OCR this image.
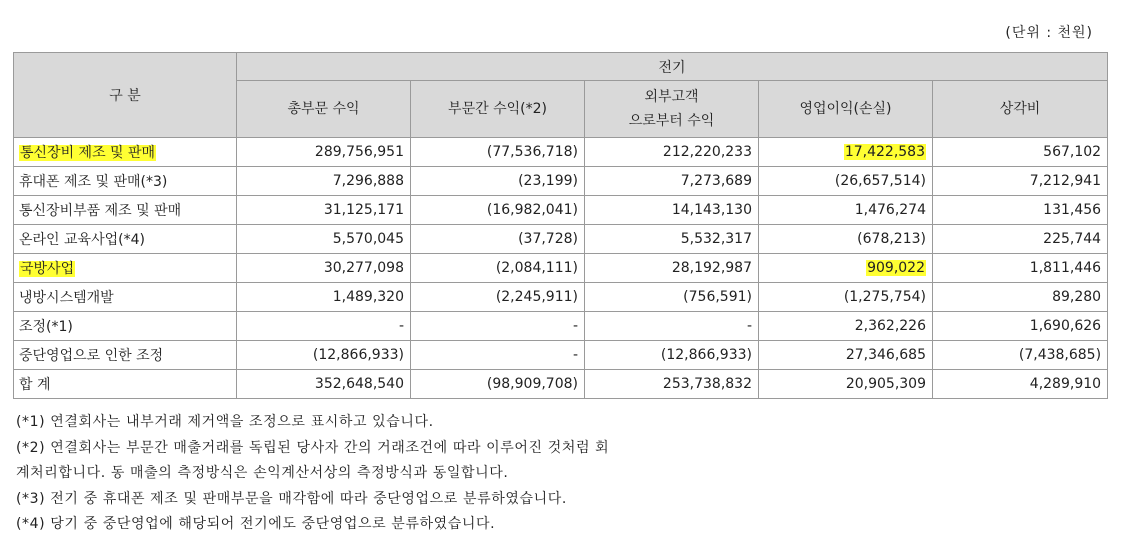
(단위 : 천원)
구 분	전기				
	총부문 수익	부문간 수익(*2)	외부고객
으로부터 수익	영업이익(손실)	상각비
통신장비 제조 및 판매	289,756,951	(77,536,718)	212,220,233	17,422,583	567,102
휴대폰 제조 및 판매(*3)	7,296,888	(23,199)	7,273,689	(26,657,514)	7,212,941
통신장비부품 제조 및 판매	31,125,171	(16,982,041)	14,143,130	1,476,274	131,456
온라인 교육사업(*4)	5,570,045	(37,728)	5,532,317	(678,213)	225,744
국방사업	30,277,098	(2,084,111)	28,192,987	909,022	1,811,446
냉방시스템개발	1,489,320	(2,245,911)	(756,591)	(1,275,754)	89,280
조정(*1)	-	-	-	2,362,226	1,690,626
중단영업으로 인한 조정	(12,866,933)	-	(12,866,933)	27,346,685	(7,438,685)
합 계	352,648,540	(98,909,708)	253,738,832	20,905,309	4,289,910

(*1) 연결회사는 내부거래 제거액을 조정으로 표시하고 있습니다.

(*2) 연결회사는 부문간 매출거래를 독립된 당사자 간의 거래조건에 따라 이루어진 것처럼 회

계처리합니다. 동 매출의 측정방식은 손익계산서상의 측정방식과 동일합니다.

(*3) 전기 중 휴대폰 제조 및 판매부문을 매각함에 따라 중단영업으로 분류하였습니다.

(*4) 당기 중 중단영업에 해당되어 전기에도 중단영업으로 분류하였습니다.
